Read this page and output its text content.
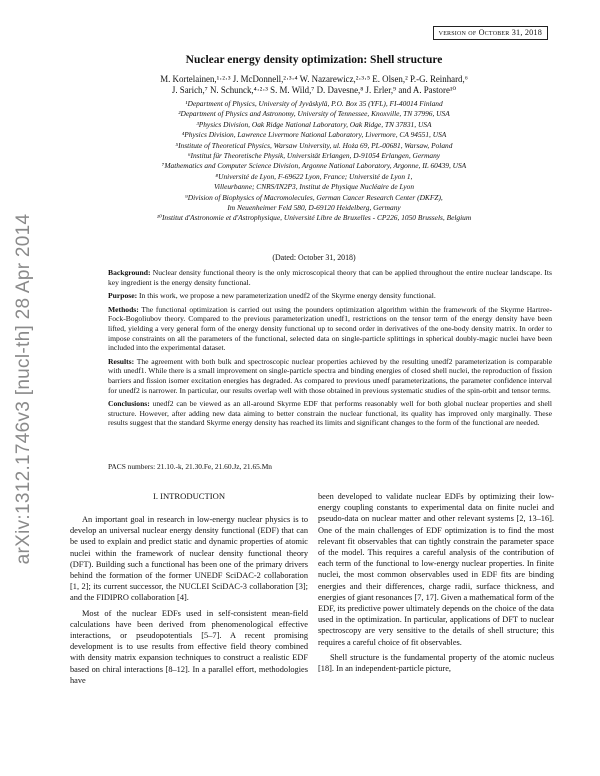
version of October 31, 2018
arXiv:1312.1746v3 [nucl-th] 28 Apr 2014
Nuclear energy density optimization: Shell structure
M. Kortelainen,¹·²·³ J. McDonnell,²·³·⁴ W. Nazarewicz,²·³·⁵ E. Olsen,² P.-G. Reinhard,⁶
J. Sarich,⁷ N. Schunck,⁴·²·³ S. M. Wild,⁷ D. Davesne,⁸ J. Erler,⁹ and A. Pastore¹⁰
¹Department of Physics, University of Jyväskylä, P.O. Box 35 (YFL), FI-40014 Finland
²Department of Physics and Astronomy, University of Tennessee, Knoxville, TN 37996, USA
³Physics Division, Oak Ridge National Laboratory, Oak Ridge, TN 37831, USA
⁴Physics Division, Lawrence Livermore National Laboratory, Livermore, CA 94551, USA
⁵Institute of Theoretical Physics, Warsaw University, ul. Hoża 69, PL-00681, Warsaw, Poland
⁶Institut für Theoretische Physik, Universität Erlangen, D-91054 Erlangen, Germany
⁷Mathematics and Computer Science Division, Argonne National Laboratory, Argonne, IL 60439, USA
⁸Université de Lyon, F-69622 Lyon, France; Université de Lyon 1,
Villeurbanne; CNRS/IN2P3, Institut de Physique Nucléaire de Lyon
⁹Division of Biophysics of Macromolecules, German Cancer Research Center (DKFZ),
Im Neuenheimer Feld 580, D-69120 Heidelberg, Germany
¹⁰Institut d'Astronomie et d'Astrophysique, Université Libre de Bruxelles - CP226, 1050 Brussels, Belgium
(Dated: October 31, 2018)

Background: Nuclear density functional theory is the only microscopical theory that can be applied throughout the entire nuclear landscape. Its key ingredient is the energy density functional.

Purpose: In this work, we propose a new parameterization unedf2 of the Skyrme energy density functional.

Methods: The functional optimization is carried out using the pounders optimization algorithm within the framework of the Skyrme Hartree-Fock-Bogoliubov theory. Compared to the previous parameterization unedf1, restrictions on the tensor term of the energy density have been lifted, yielding a very general form of the energy density functional up to second order in derivatives of the one-body density matrix. In order to impose constraints on all the parameters of the functional, selected data on single-particle splittings in spherical doubly-magic nuclei have been included into the experimental dataset.

Results: The agreement with both bulk and spectroscopic nuclear properties achieved by the resulting unedf2 parameterization is comparable with unedf1. While there is a small improvement on single-particle spectra and binding energies of closed shell nuclei, the reproduction of fission barriers and fission isomer excitation energies has degraded. As compared to previous unedf parameterizations, the parameter confidence interval for unedf2 is narrower. In particular, our results overlap well with those obtained in previous systematic studies of the spin-orbit and tensor terms.

Conclusions: unedf2 can be viewed as an all-around Skyrme EDF that performs reasonably well for both global nuclear properties and shell structure. However, after adding new data aiming to better constrain the nuclear functional, its quality has improved only marginally. These results suggest that the standard Skyrme energy density has reached its limits and significant changes to the form of the functional are needed.

PACS numbers: 21.10.-k, 21.30.Fe, 21.60.Jz, 21.65.Mn
I. INTRODUCTION

An important goal in research in low-energy nuclear physics is to develop an universal nuclear energy density functional (EDF) that can be used to explain and predict static and dynamic properties of atomic nuclei within the framework of nuclear density functional theory (DFT). Building such a functional has been one of the primary drivers behind the formation of the former UNEDF SciDAC-2 collaboration [1, 2]; its current successor, the NUCLEI SciDAC-3 collaboration [3]; and the FIDIPRO collaboration [4].

Most of the nuclear EDFs used in self-consistent mean-field calculations have been derived from phenomenological effective interactions, or pseudopotentials [5–7]. A recent promising development is to use results from effective field theory combined with density matrix expansion techniques to construct a realistic EDF based on chiral interactions [8–12]. In a parallel effort, methodologies have

been developed to validate nuclear EDFs by optimizing their low-energy coupling constants to experimental data on finite nuclei and pseudo-data on nuclear matter and other relevant systems [2, 13–16]. One of the main challenges of EDF optimization is to find the most relevant fit observables that can tightly constrain the parameter space of the model. This requires a careful analysis of the contribution of each term of the functional to low-energy nuclear properties. In finite nuclei, the most common observables used in EDF fits are binding energies and their differences, charge radii, surface thickness, and energies of giant resonances [7, 17]. Given a mathematical form of the EDF, its predictive power ultimately depends on the choice of the data used in the optimization. In particular, applications of DFT to nuclear spectroscopy are very sensitive to the details of shell structure; this requires a careful choice of fit observables.

Shell structure is the fundamental property of the atomic nucleus [18]. In an independent-particle picture,
